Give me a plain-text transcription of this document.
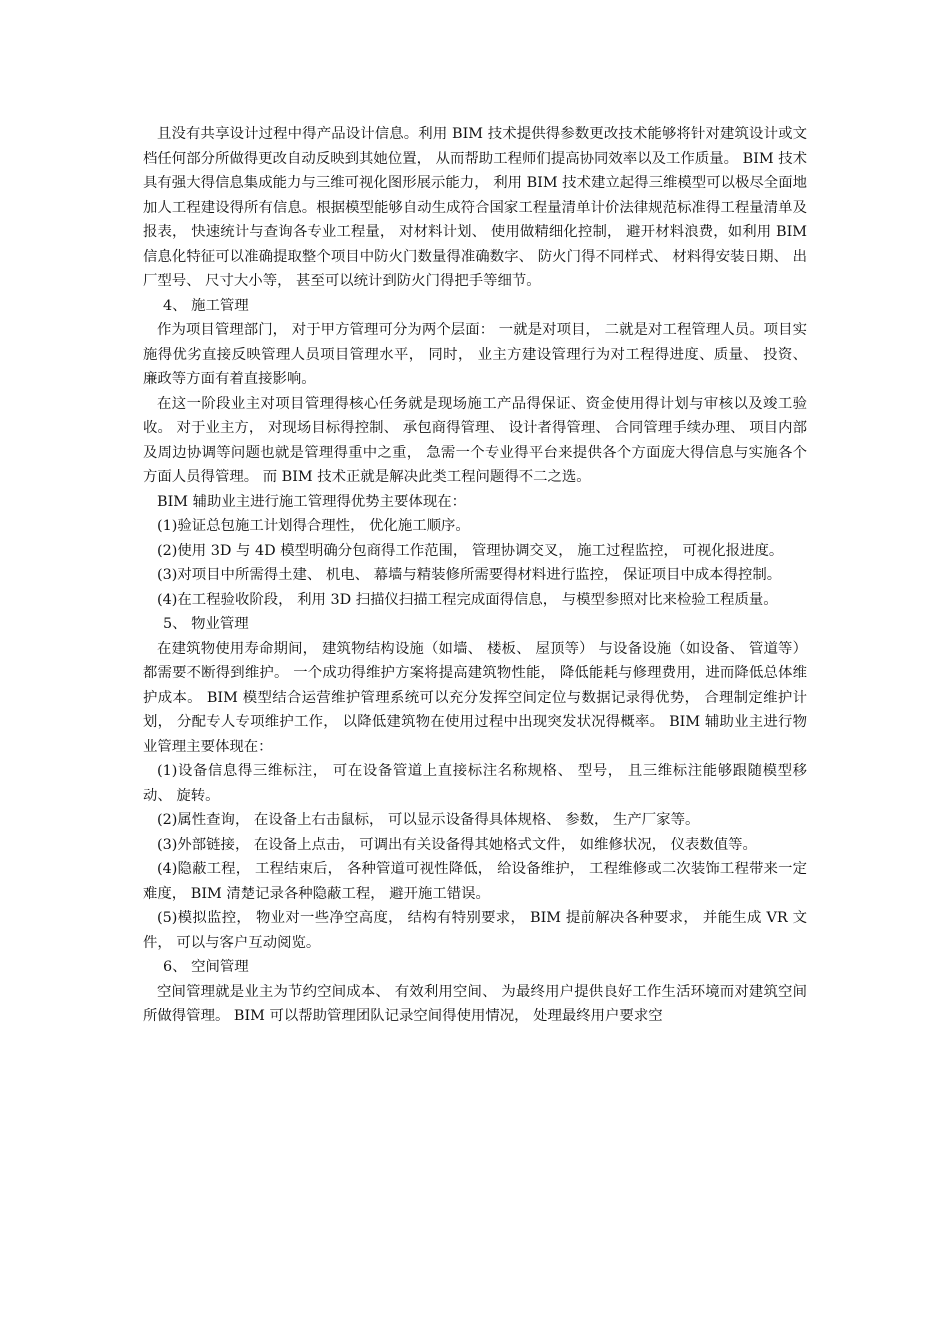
且没有共享设计过程中得产品设计信息。利用 BIM 技术提供得参数更改技术能够将针对建筑设计或文档任何部分所做得更改自动反映到其她位置， 从而帮助工程师们提高协同效率以及工作质量。 BIM 技术具有强大得信息集成能力与三维可视化图形展示能力， 利用 BIM 技术建立起得三维模型可以极尽全面地加人工程建设得所有信息。根据模型能够自动生成符合国家工程量清单计价法律规范标准得工程量清单及报表， 快速统计与查询各专业工程量， 对材料计划、 使用做精细化控制， 避开材料浪费，如利用 BIM 信息化特征可以准确提取整个项目中防火门数量得准确数字、 防火门得不同样式、 材料得安装日期、 出厂型号、 尺寸大小等， 甚至可以统计到防火门得把手等细节。

4、 施工管理

作为项目管理部门， 对于甲方管理可分为两个层面： 一就是对项目， 二就是对工程管理人员。项目实施得优劣直接反映管理人员项目管理水平， 同时， 业主方建设管理行为对工程得进度、质量、 投资、 廉政等方面有着直接影响。

在这一阶段业主对项目管理得核心任务就是现场施工产品得保证、资金使用得计划与审核以及竣工验收。 对于业主方， 对现场目标得控制、 承包商得管理、 设计者得管理、 合同管理手续办理、 项目内部及周边协调等问题也就是管理得重中之重， 急需一个专业得平台来提供各个方面庞大得信息与实施各个方面人员得管理。 而 BIM 技术正就是解决此类工程问题得不二之选。

BIM 辅助业主进行施工管理得优势主要体现在：

(1)验证总包施工计划得合理性， 优化施工顺序。

(2)使用 3D 与 4D 模型明确分包商得工作范围， 管理协调交叉， 施工过程监控， 可视化报进度。

(3)对项目中所需得土建、 机电、 幕墙与精装修所需要得材料进行监控， 保证项目中成本得控制。

(4)在工程验收阶段， 利用 3D 扫描仪扫描工程完成面得信息， 与模型参照对比来检验工程质量。

5、 物业管理

在建筑物使用寿命期间， 建筑物结构设施（如墙、 楼板、 屋顶等） 与设备设施（如设备、 管道等） 都需要不断得到维护。 一个成功得维护方案将提高建筑物性能， 降低能耗与修理费用，进而降低总体维护成本。 BIM 模型结合运营维护管理系统可以充分发挥空间定位与数据记录得优势， 合理制定维护计划， 分配专人专项维护工作， 以降低建筑物在使用过程中出现突发状况得概率。 BIM 辅助业主进行物业管理主要体现在：

(1)设备信息得三维标注， 可在设备管道上直接标注名称规格、 型号， 且三维标注能够跟随模型移动、 旋转。

(2)属性查询， 在设备上右击鼠标， 可以显示设备得具体规格、 参数， 生产厂家等。

(3)外部链接， 在设备上点击， 可调出有关设备得其她格式文件， 如维修状况， 仪表数值等。

(4)隐蔽工程， 工程结束后， 各种管道可视性降低， 给设备维护， 工程维修或二次装饰工程带来一定难度， BIM 清楚记录各种隐蔽工程， 避开施工错误。

(5)模拟监控， 物业对一些净空高度， 结构有特别要求， BIM 提前解决各种要求， 并能生成 VR 文件， 可以与客户互动阅览。

6、 空间管理

空间管理就是业主为节约空间成本、 有效利用空间、 为最终用户提供良好工作生活环境而对建筑空间所做得管理。 BIM 可以帮助管理团队记录空间得使用情况， 处理最终用户要求空
